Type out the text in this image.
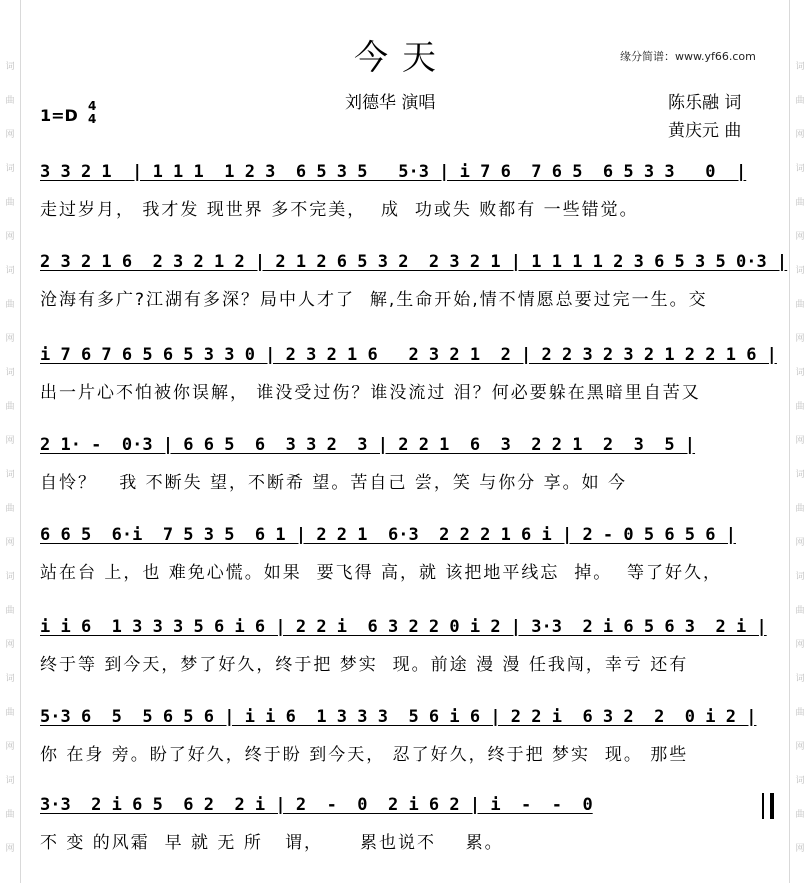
词
曲
网
词
曲
网
词
曲
网
词
曲
网
词
曲
网
词
曲
网
词
曲
网
词
曲
网
词
曲
网
词
曲
网
词
曲
网
词
曲
网
词
曲
网
词
曲
网
词
曲
网
词
曲
网
今天	缘分简谱：www.yf66.com
刘德华 演唱
1=D 4
4
陈乐融 词
黄庆元 曲
3 3 2 1  | 1 1 1  1 2 3  6 5 3 5   5·3 | i 7 6  7 6 5  6 5 3 3   0  |
走过岁月， 我才发 现世界 多不完美，  成  功或失 败都有 一些错觉。
2 3 2 1 6  2 3 2 1 2 | 2 1 2 6 5 3 2  2 3 2 1 | 1 1 1 1 2 3 6 5 3 5 0·3 |
沧海有多广?江湖有多深？局中人才了  解,生命开始,情不情愿总要过完一生。交
i 7 6 7 6 5 6 5 3 3 0 | 2 3 2 1 6   2 3 2 1  2 | 2 2 3 2 3 2 1 2 2 1 6 |
出一片心不怕被你误解， 谁没受过伤？谁没流过 泪？何必要躲在黑暗里自苦又
2 1· -  0·3 | 6 6 5  6  3 3 2  3 | 2 2 1  6  3  2 2 1  2  3  5 |
自怜？   我 不断失 望，不断希 望。苦自己 尝，笑 与你分 享。如 今
6 6 5  6·i  7 5 3 5  6 1 | 2 2 1  6·3  2 2 2 1 6 i | 2 - 0 5 6 5 6 |
站在台 上，也 难免心慌。如果  要飞得 高，就 该把地平线忘  掉。  等了好久，
i i 6  1 3 3 3 5 6 i 6 | 2 2 i  6 3 2 2 0 i 2 | 3·3  2 i 6 5 6 3  2 i |
终于等 到今天，梦了好久，终于把 梦实  现。前途 漫 漫 任我闯，幸亏 还有
5·3 6  5  5 6 5 6 | i i 6  1 3 3 3  5 6 i 6 | 2 2 i  6 3 2  2  0 i 2 |
你 在身 旁。盼了好久，终于盼 到今天， 忍了好久，终于把 梦实  现。 那些
3·3  2 i 6 5  6 2  2 i | 2  -  0  2 i 6 2 | i  -  -  0
不 变 的风霜  早 就 无 所   谓，     累也说不    累。
